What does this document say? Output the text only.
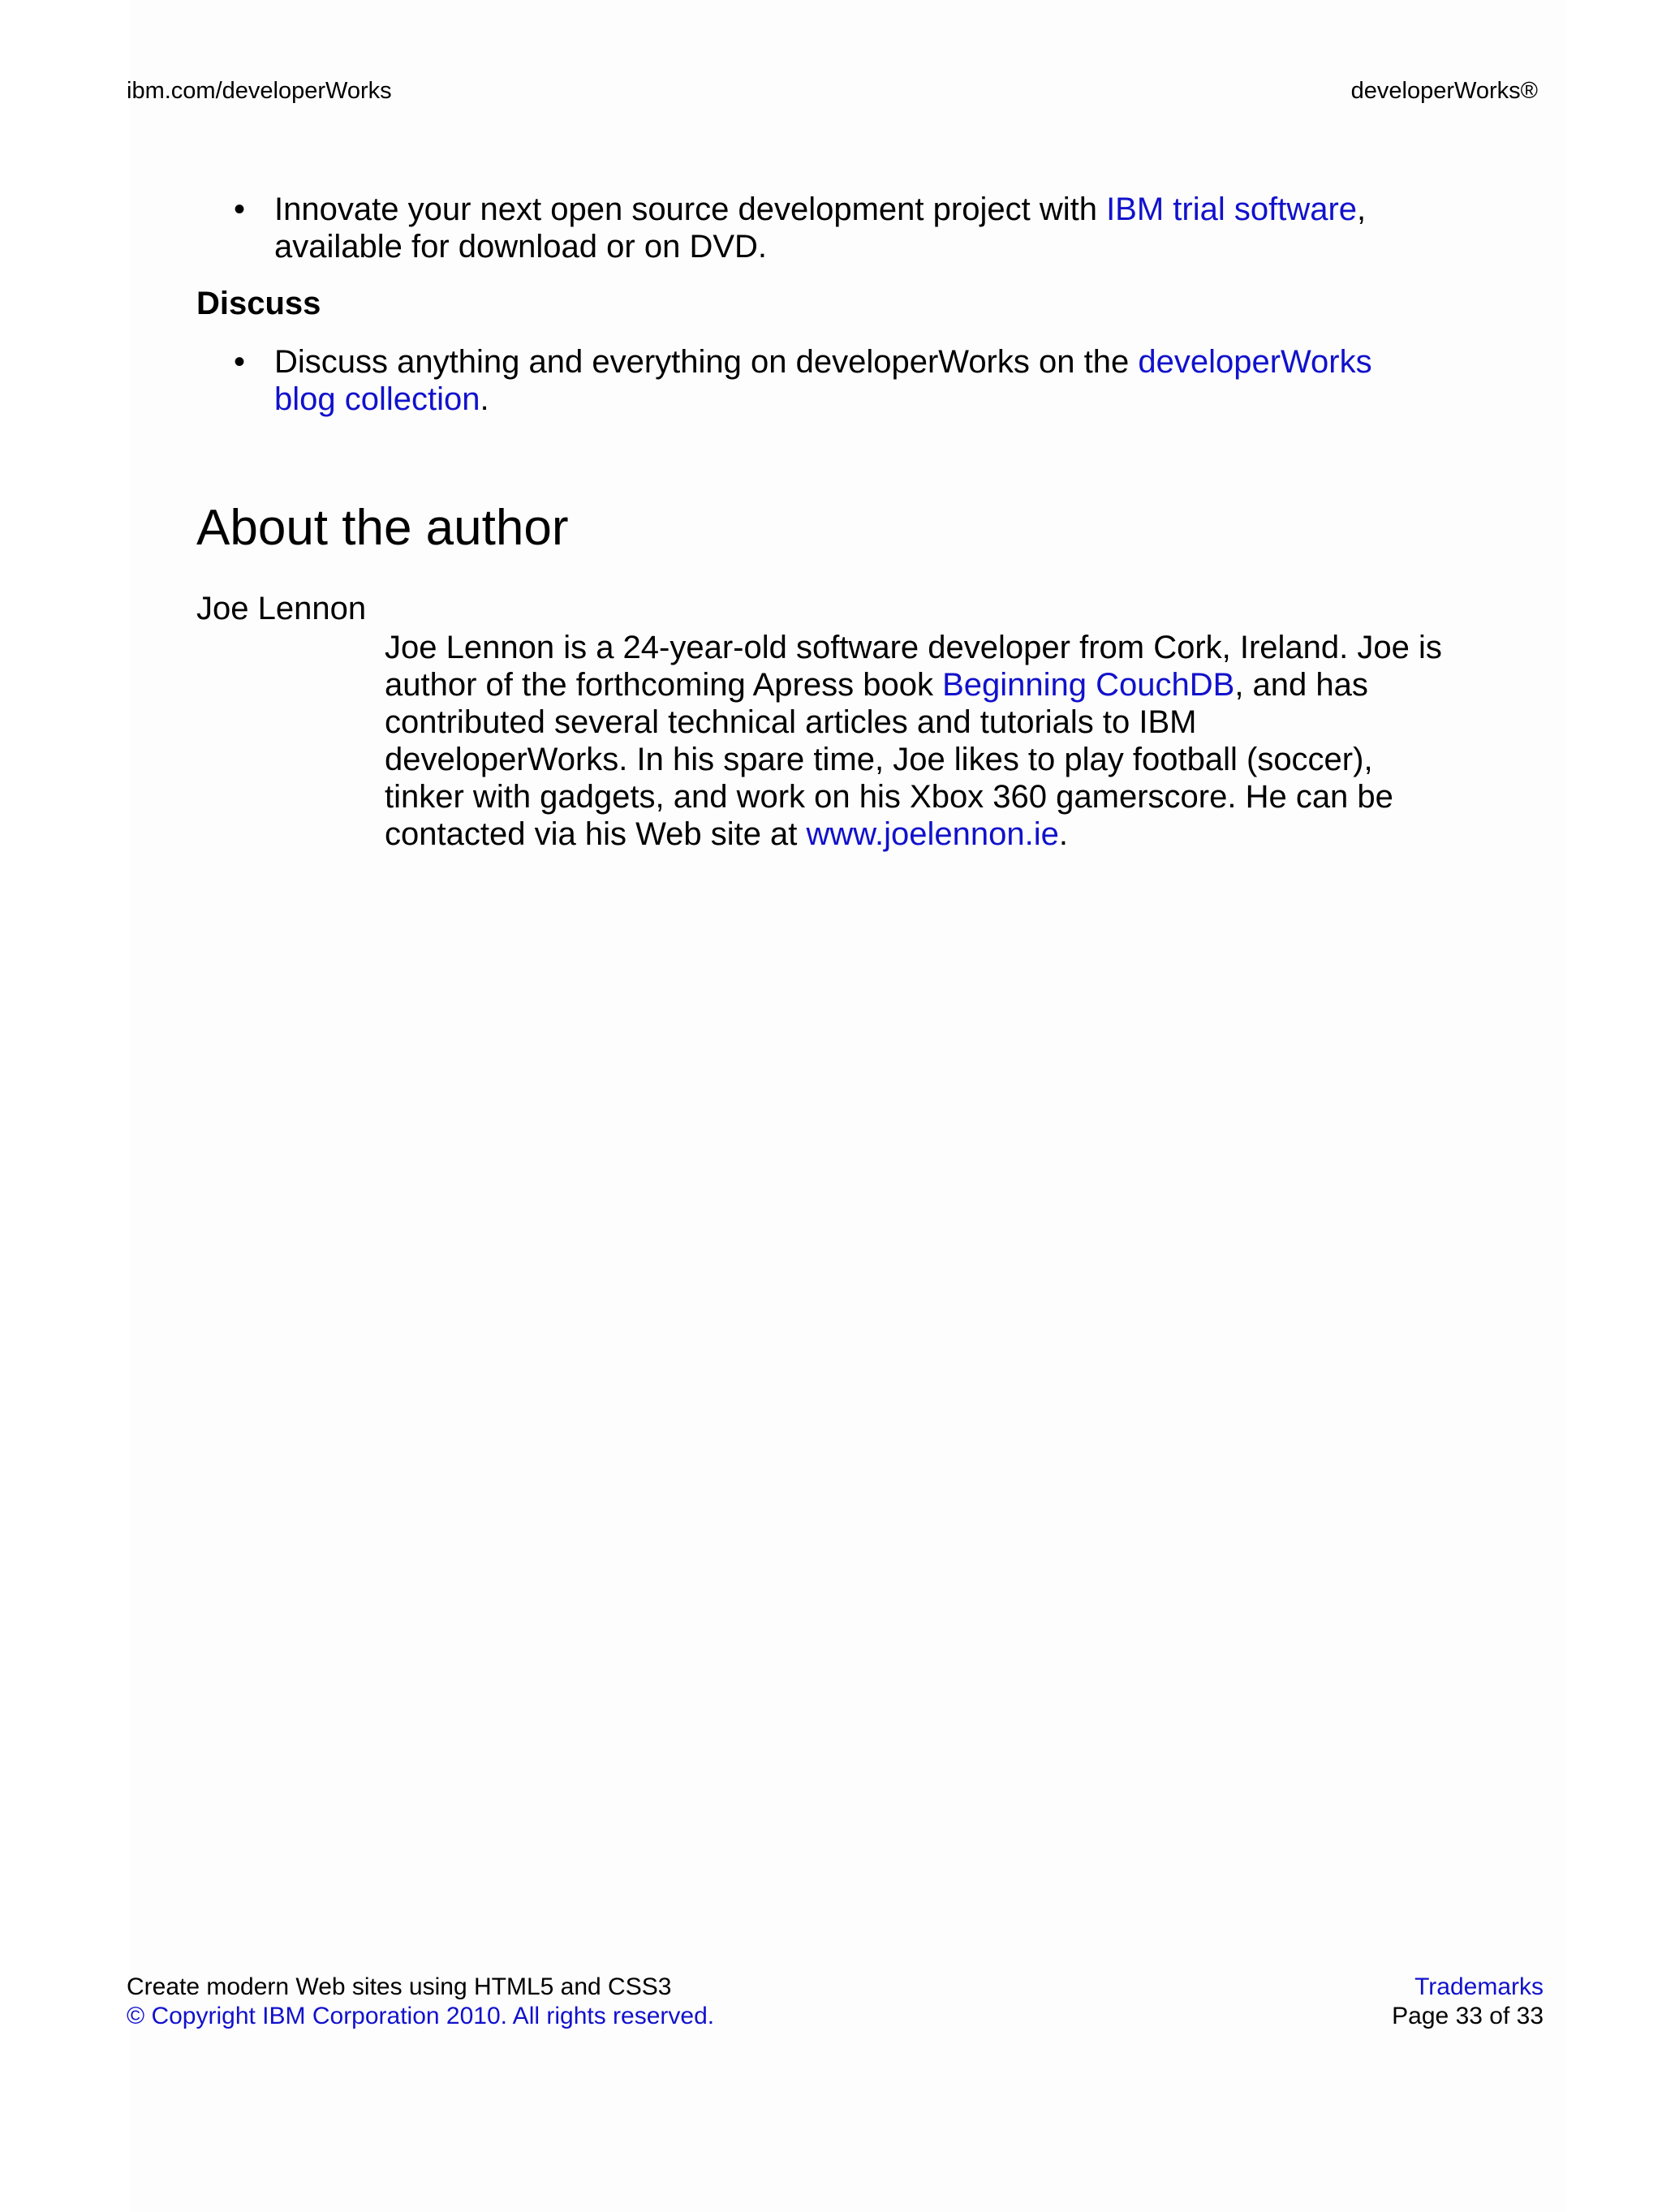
ibm.com/developerWorks	developerWorks®
• Innovate your next open source development project with IBM trial software, available for download or on DVD.
Discuss
• Discuss anything and everything on developerWorks on the developerWorks blog collection.
About the author

Joe Lennon

Joe Lennon is a 24-year-old software developer from Cork, Ireland. Joe is author of the forthcoming Apress book Beginning CouchDB, and has contributed several technical articles and tutorials to IBM developerWorks. In his spare time, Joe likes to play football (soccer), tinker with gadgets, and work on his Xbox 360 gamerscore. He can be contacted via his Web site at www.joelennon.ie.
Create modern Web sites using HTML5 and CSS3
© Copyright IBM Corporation 2010. All rights reserved.
Trademarks
Page 33 of 33
